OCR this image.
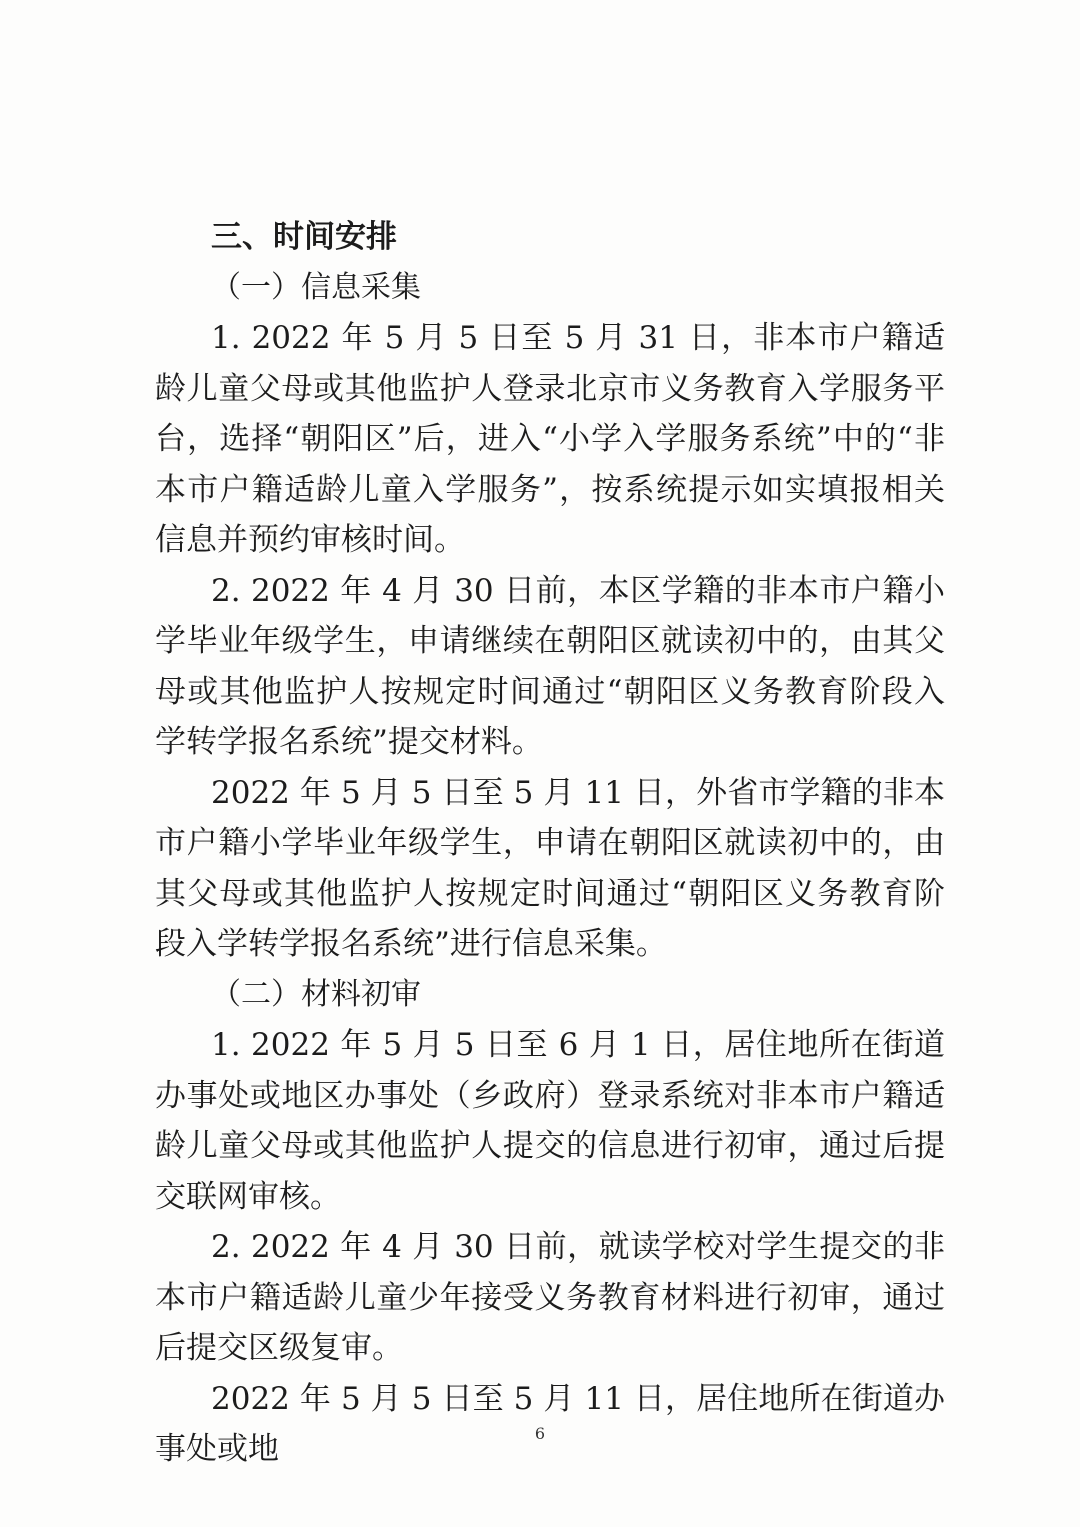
三、时间安排
（一）信息采集

1. 2022 年 5 月 5 日至 5 月 31 日，非本市户籍适龄儿童父母或其他监护人登录北京市义务教育入学服务平台，选择“朝阳区”后，进入“小学入学服务系统”中的“非本市户籍适龄儿童入学服务”，按系统提示如实填报相关信息并预约审核时间。

2. 2022 年 4 月 30 日前，本区学籍的非本市户籍小学毕业年级学生，申请继续在朝阳区就读初中的，由其父母或其他监护人按规定时间通过“朝阳区义务教育阶段入学转学报名系统”提交材料。

2022 年 5 月 5 日至 5 月 11 日，外省市学籍的非本市户籍小学毕业年级学生，申请在朝阳区就读初中的，由其父母或其他监护人按规定时间通过“朝阳区义务教育阶段入学转学报名系统”进行信息采集。

（二）材料初审

1. 2022 年 5 月 5 日至 6 月 1 日，居住地所在街道办事处或地区办事处（乡政府）登录系统对非本市户籍适龄儿童父母或其他监护人提交的信息进行初审，通过后提交联网审核。

2. 2022 年 4 月 30 日前，就读学校对学生提交的非本市户籍适龄儿童少年接受义务教育材料进行初审，通过后提交区级复审。

2022 年 5 月 5 日至 5 月 11 日，居住地所在街道办事处或地	6
